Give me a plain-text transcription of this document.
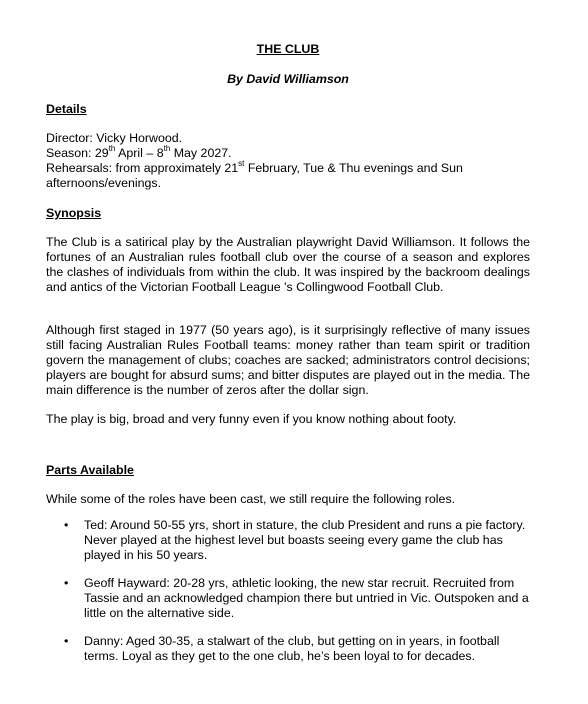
THE CLUB
By David Williamson
Details
Director: Vicky Horwood.
Season: 29th April – 8th May 2027.
Rehearsals: from approximately 21st February, Tue & Thu evenings and Sun
afternoons/evenings.
Synopsis
The Club is a satirical play by the Australian playwright David Williamson. It follows the fortunes of an Australian rules football club over the course of a season and explores the clashes of individuals from within the club. It was inspired by the backroom dealings and antics of the Victorian Football League 's Collingwood Football Club.
Although first staged in 1977 (50 years ago), is it surprisingly reflective of many issues still facing Australian Rules Football teams: money rather than team spirit or tradition govern the management of clubs; coaches are sacked; administrators control decisions; players are bought for absurd sums; and bitter disputes are played out in the media. The main difference is the number of zeros after the dollar sign.
The play is big, broad and very funny even if you know nothing about footy.
Parts Available
While some of the roles have been cast, we still require the following roles.
• Ted: Around 50-55 yrs, short in stature, the club President and runs a pie factory. Never played at the highest level but boasts seeing every game the club has played in his 50 years.
• Geoff Hayward: 20-28 yrs, athletic looking, the new star recruit. Recruited from Tassie and an acknowledged champion there but untried in Vic. Outspoken and a little on the alternative side.
• Danny: Aged 30-35, a stalwart of the club, but getting on in years, in football terms. Loyal as they get to the one club, he’s been loyal to for decades.
